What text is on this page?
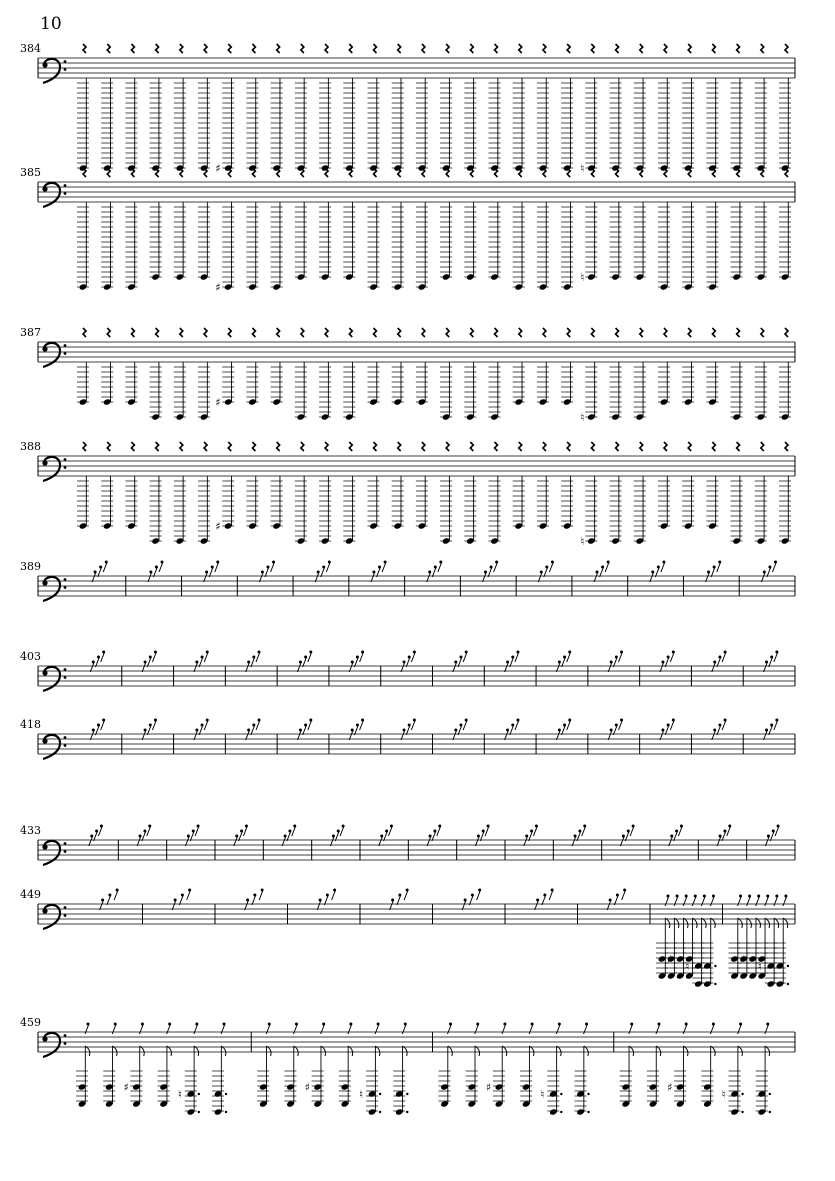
10
384
♯	♮
385
♯
♮
387
♯
♮
388
♯
♮
389
403
418
433
449
♯
♮
♯
♮
459
♯
♮
♯
♮
♯
♮
♯
♮
